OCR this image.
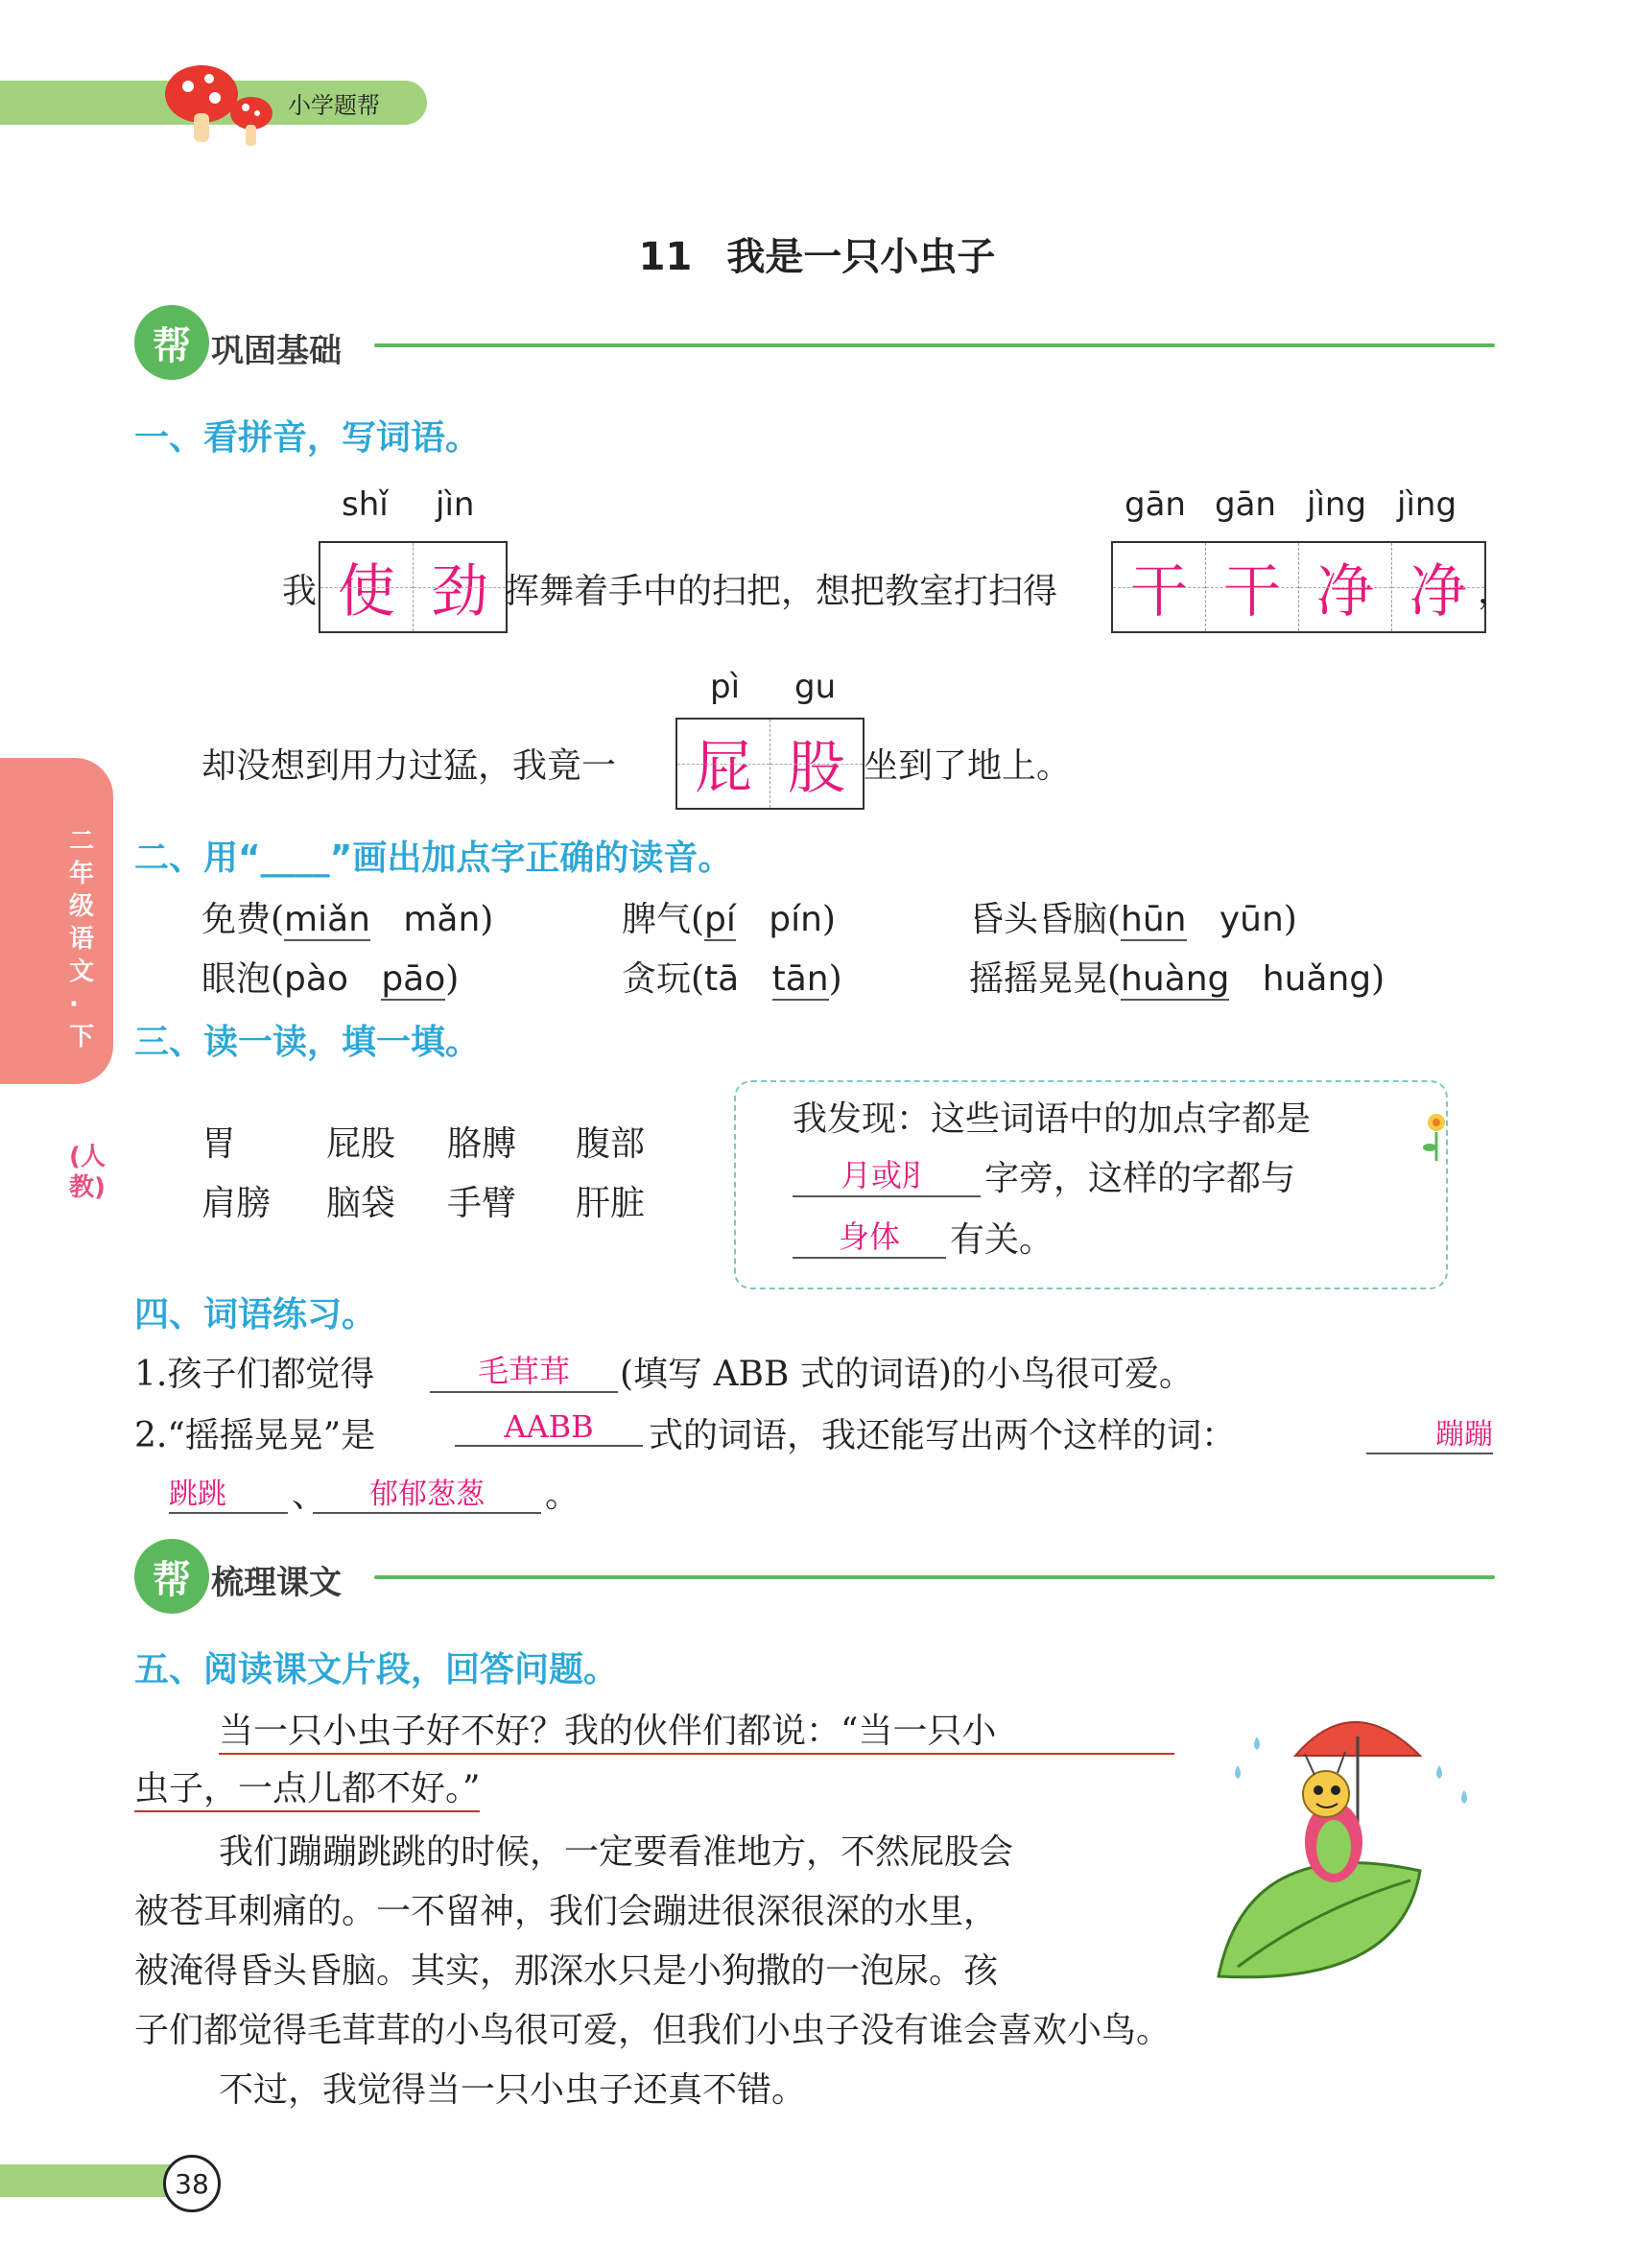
小学题帮
11 我是一只小虫子
帮 巩固基础
二年级语文·下
(人教)
一、看拼音，写词语。
shǐ jìn	gān gān jìng jìng
我 使 劲 挥舞着手中的扫把，想把教室打扫得	干 干 净 净 ，
pì gu
却没想到用力过猛，我竟一	屁 股 坐到了地上。
二、用“____”画出加点字正确的读音。
免费(miǎn mǎn)	脾气(pí pín)	昏头昏脑(hūn yūn)
眼泡(pào pāo)	贪玩(tā tān)	摇摇晃晃(huàng huǎng)
三、读一读，填一填。
胃	屁股 胳膊 腹部
肩膀 脑袋 手臂 肝脏
我发现：这些词语中的加点字都是
月或⺼	字旁，这样的字都与
身体	有关。
四、词语练习。
1.孩子们都觉得	毛茸茸	(填写 ABB 式的词语)的小鸟很可爱。
2.“摇摇晃晃”是	AABB	式的词语，我还能写出两个这样的词：	蹦蹦
跳跳	、	郁郁葱葱	。
帮 梳理课文
五、阅读课文片段，回答问题。
当一只小虫子好不好？我的伙伴们都说：“当一只小
虫子，一点儿都不好。”
我们蹦蹦跳跳的时候，一定要看准地方，不然屁股会
被苍耳刺痛的。一不留神，我们会蹦进很深很深的水里，
被淹得昏头昏脑。其实，那深水只是小狗撒的一泡尿。孩
子们都觉得毛茸茸的小鸟很可爱，但我们小虫子没有谁会喜欢小鸟。
不过，我觉得当一只小虫子还真不错。
38
